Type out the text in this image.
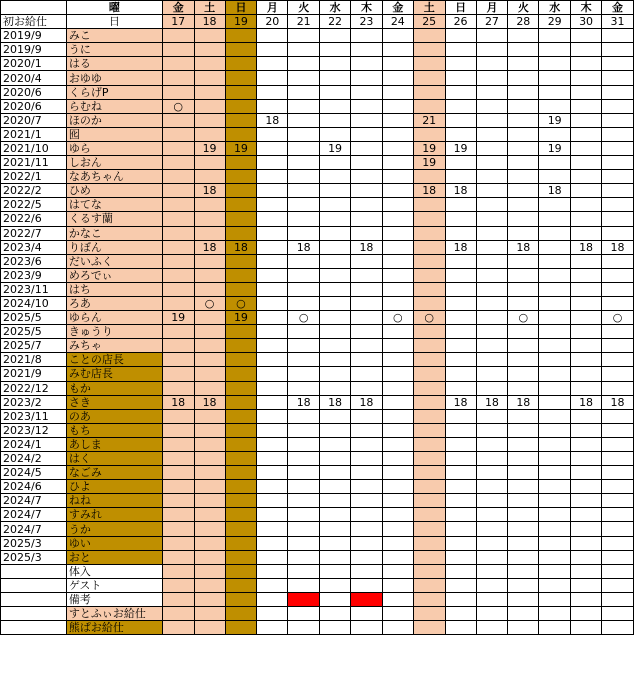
	曜	金	土	日	月	火	水	木	金	土	日	月	火	水	木	金
初お給仕	日	17	18	19	20	21	22	23	24	25	26	27	28	29	30	31
2019/9	みこ															
2019/9	うに															
2020/1	はる															
2020/4	おゆゆ															
2020/6	くらげP															
2020/6	らむね	○														
2020/7	ほのか				18					21				19		
2021/1	囮															
2021/10	ゆら		19	19			19			19	19			19		
2021/11	しおん									19						
2022/1	なあちゃん															
2022/2	ひめ		18							18	18			18		
2022/5	はてな															
2022/6	くるす蘭															
2022/7	かなこ															
2023/4	りぼん		18	18		18		18			18		18		18	18
2023/6	だいふく															
2023/9	めろでぃ															
2023/11	はち															
2024/10	ろあ		○	○												
2025/5	ゆらん	19		19		○			○	○			○			○
2025/5	きゅうり															
2025/7	みちゃ															
2021/8	ことの店長															
2021/9	みむ店長															
2022/12	もか															
2023/2	さき	18	18			18	18	18			18	18	18		18	18
2023/11	のあ															
2023/12	もち															
2024/1	あしま															
2024/2	はく															
2024/5	なごみ															
2024/6	ひよ															
2024/7	ねね															
2024/7	すみれ															
2024/7	うか															
2025/3	ゆい															
2025/3	おと															
	体入															
	ゲスト															
	備考															
	すとふぃお給仕															
	熊ぱお給仕															
